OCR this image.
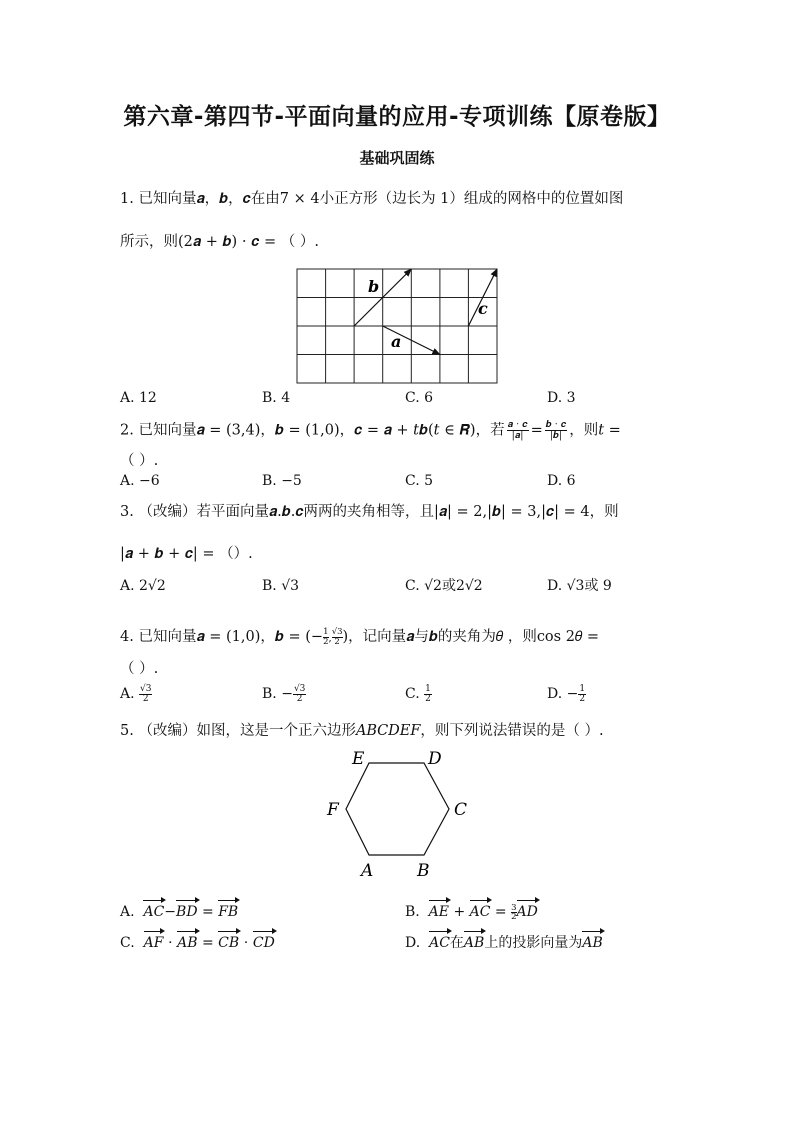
第六章-第四节-平面向量的应用-专项训练【原卷版】
基础巩固练
1. 已知向量𝒂，𝒃，𝒄在由7 × 4小正方形（边长为 1）组成的网格中的位置如图
所示，则(2𝒂 + 𝒃) ⋅ 𝒄 = （ ）.
b
a
c
A. 12	B. 4	C. 6	D. 3
2. 已知向量𝒂 = (3,4)，𝒃 = (1,0)，𝒄 = 𝒂 + 𝑡𝒃(𝑡 ∈ 𝑹)，若 𝒂 ⋅ 𝒄
|𝒂| = 𝒃 ⋅ 𝒄
|𝒃| ，则𝑡 =
（ ）.
A. −6	B. −5	C. 5	D. 6
3. （改编）若平面向量𝒂.𝒃.𝒄两两的夹角相等，且|𝒂| = 2,|𝒃| = 3,|𝒄| = 4，则
|𝒂 + 𝒃 + 𝒄| = （）.
A. 2√2	B. √3	C. √2或2√2	D. √3或 9
4. 已知向量𝒂 = (1,0)，𝒃 = (− $\frac{1}{2}$ , $\frac{√3}{2}$ )，记向量𝒂与𝒃的夹角为𝜃 ，则cos 2𝜃 =
（ ）.
A. $\frac{√3}{2}$	B. − $\frac{√3}{2}$	C. $\frac{1}{2}$	D. − $\frac{1}{2}$
5. （改编）如图，这是一个正六边形𝐴𝐵𝐶𝐷𝐸𝐹，则下列说法错误的是（ ）.
A	B
C
D
E
F
A. AC−BD = FB	B. AE + AC = $\frac{3}{2}$ AD
C. AF ⋅ AB = CB ⋅ CD	D. AC在AB上的投影向量为AB
